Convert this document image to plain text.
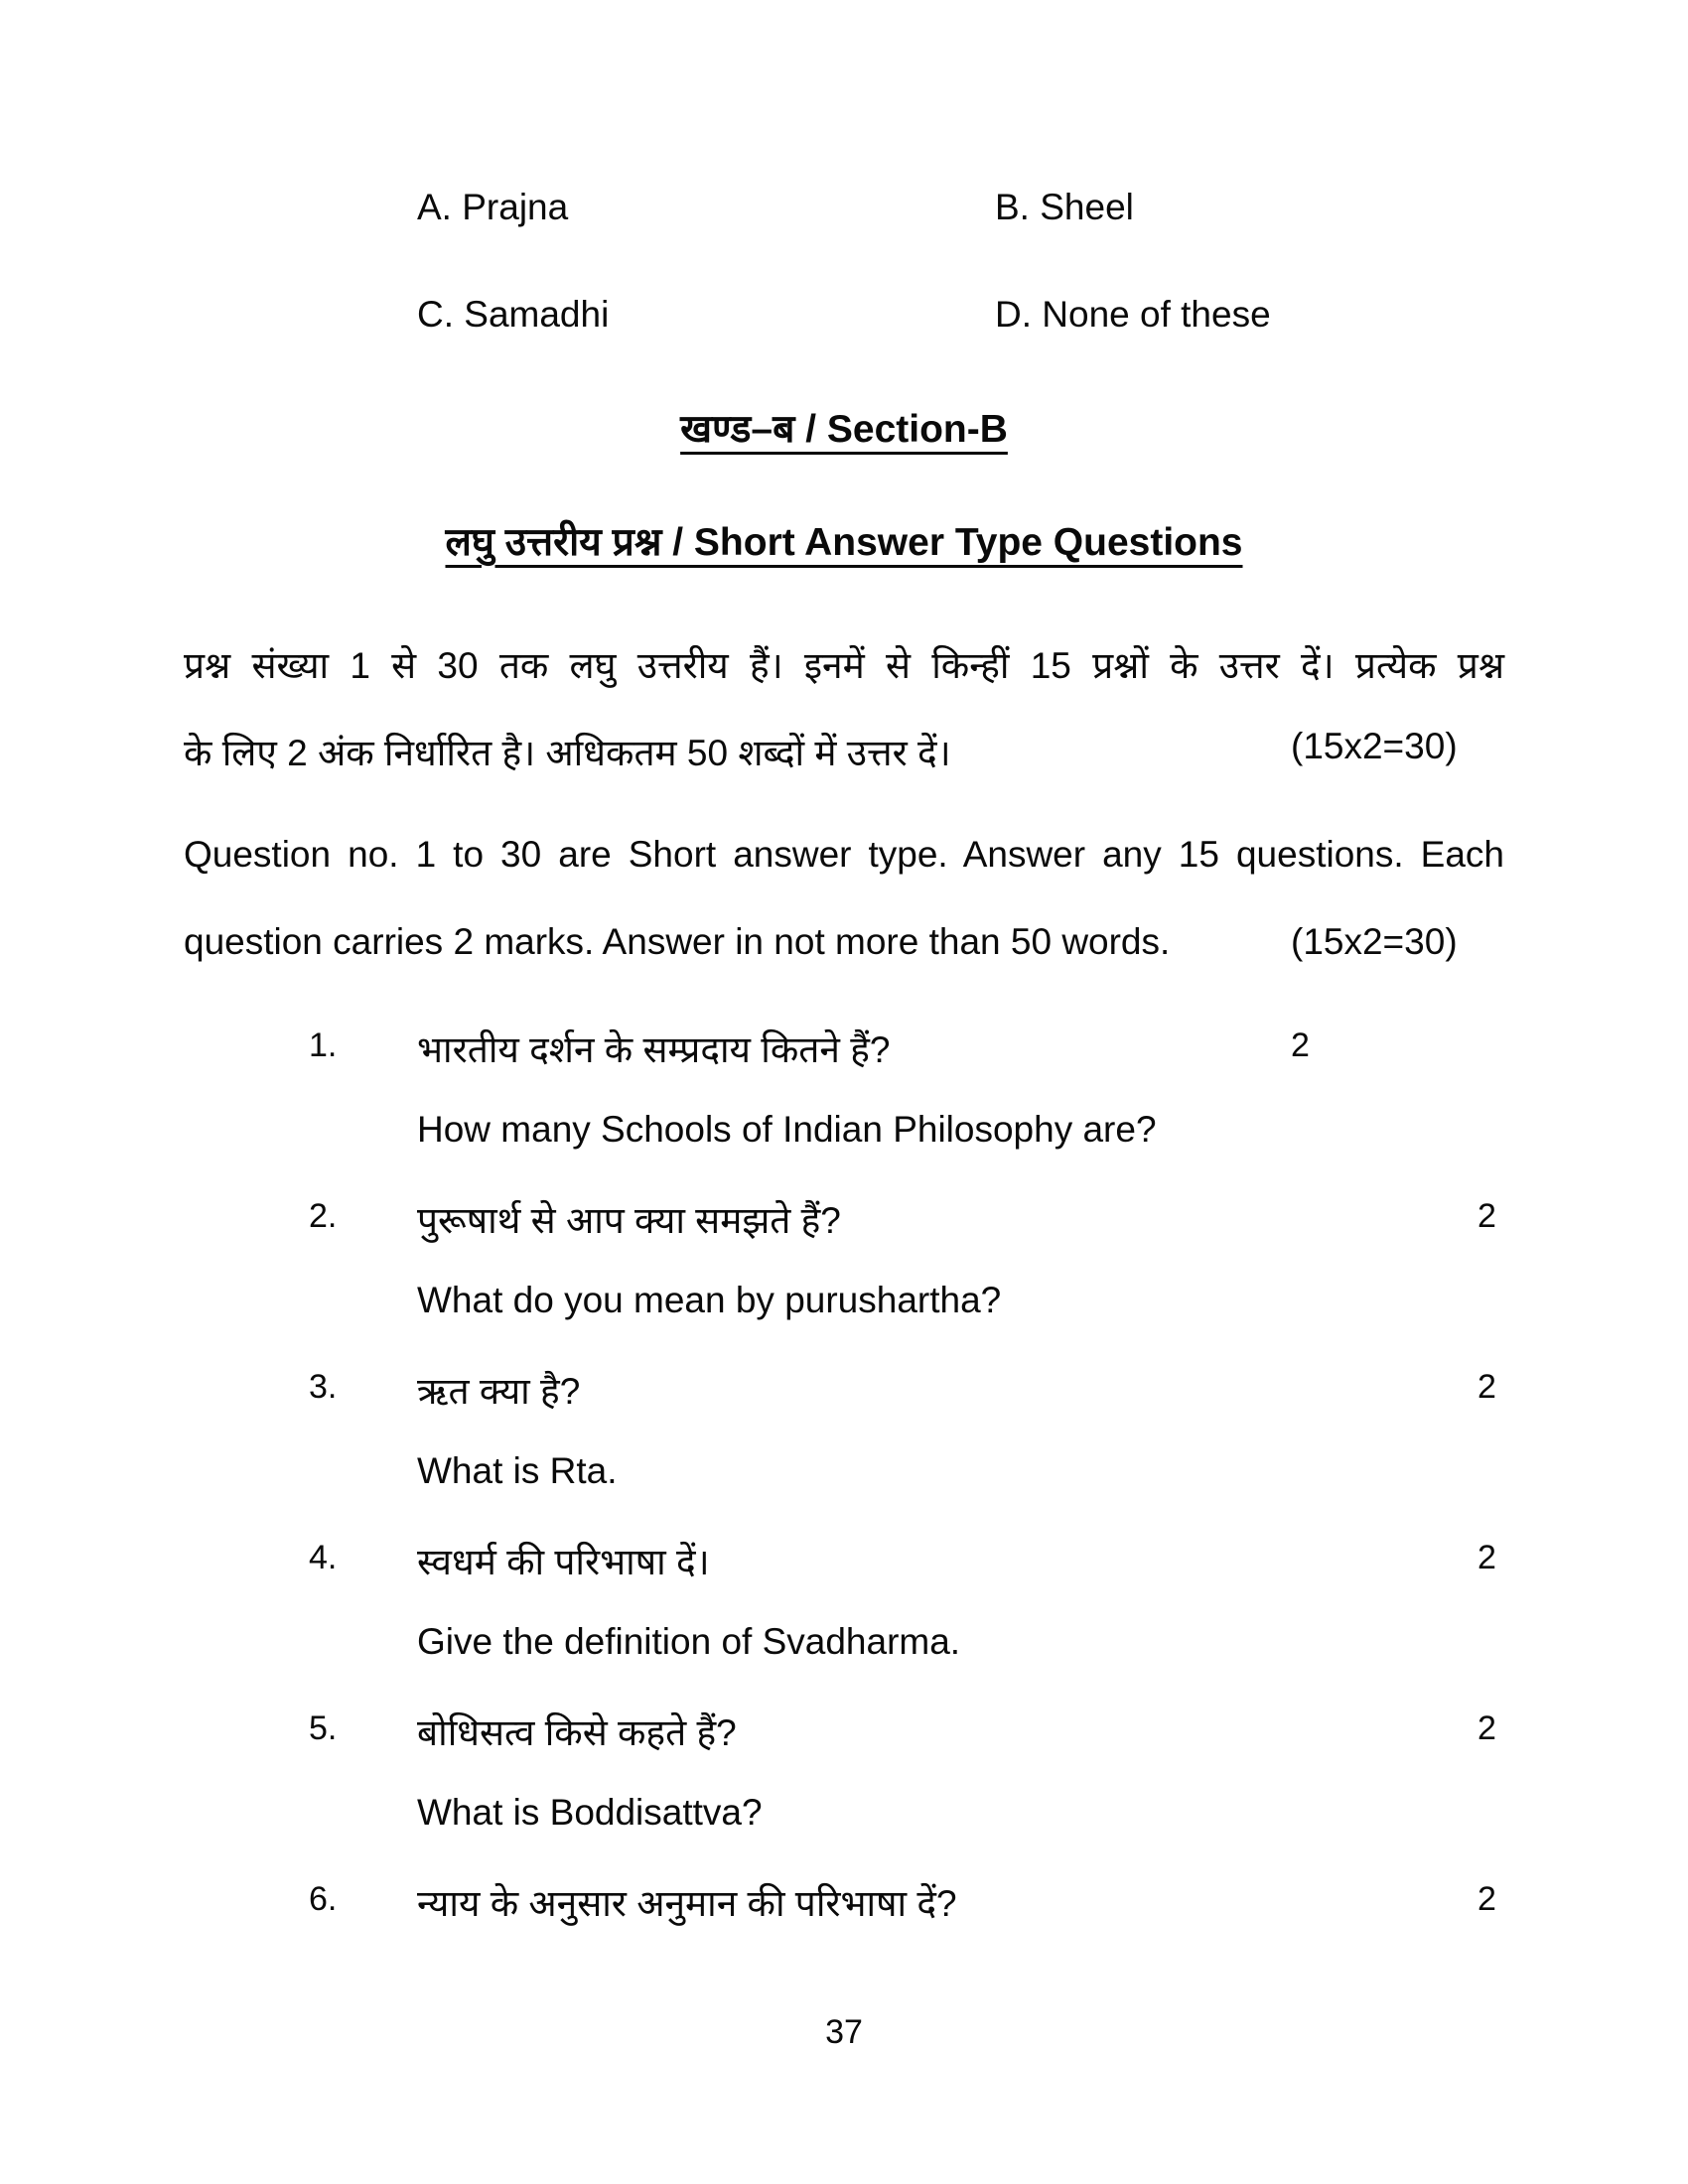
A. Prajna	B. Sheel
C. Samadhi	D. None of these
खण्ड–ब / Section-B
लघु उत्तरीय प्रश्न / Short Answer Type Questions
प्रश्न संख्या 1 से 30 तक लघु उत्तरीय हैं। इनमें से किन्हीं 15 प्रश्नों के उत्तर दें। प्रत्येक प्रश्न
के लिए 2 अंक निर्धारित है। अधिकतम 50 शब्दों में उत्तर दें।	(15x2=30)
Question no. 1 to 30 are Short answer type. Answer any 15 questions. Each
question carries 2 marks. Answer in not more than 50 words.	(15x2=30)
1. भारतीय दर्शन के सम्प्रदाय कितने हैं?	2
How many Schools of Indian Philosophy are?
2. पुरूषार्थ से आप क्या समझते हैं?	2
What do you mean by purushartha?
3. ऋत क्या है?	2
What is Rta.
4. स्वधर्म की परिभाषा दें।	2
Give the definition of Svadharma.
5. बोधिसत्व किसे कहते हैं?	2
What is Boddisattva?
6. न्याय के अनुसार अनुमान की परिभाषा दें?	2
37
